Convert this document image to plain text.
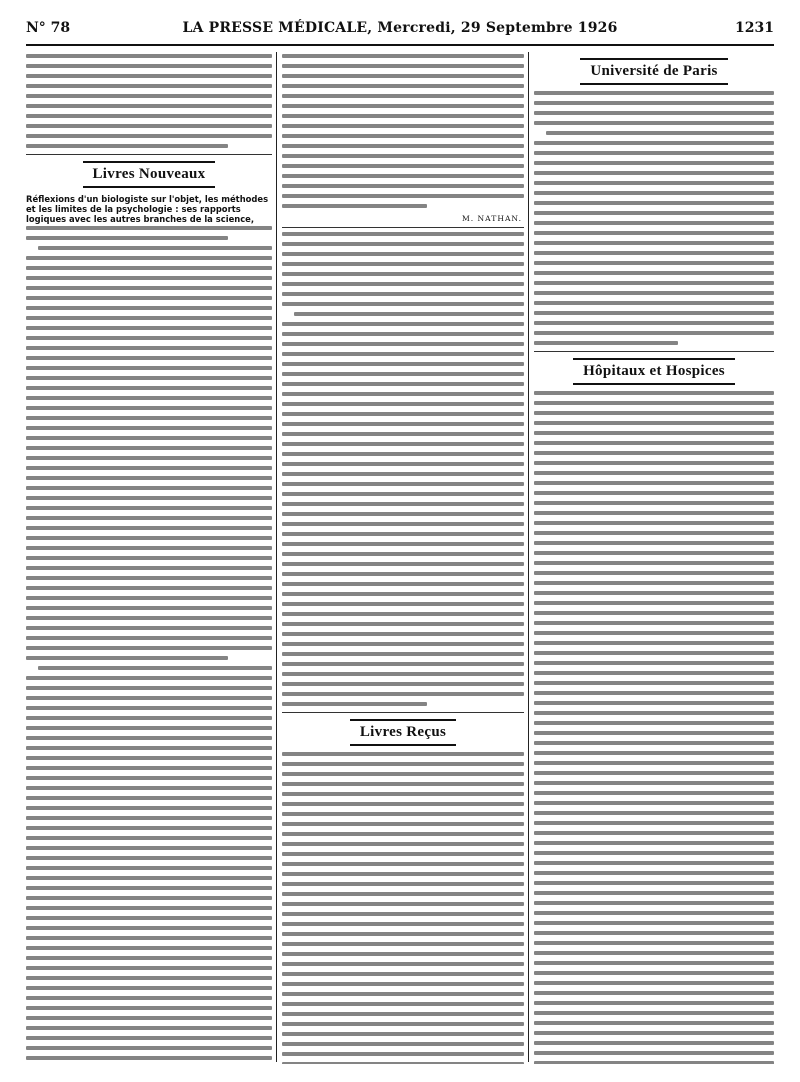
N° 78	LA PRESSE MÉDICALE, Mercredi, 29 Septembre 1926	1231
Livres Nouveaux
Réflexions d'un biologiste sur l'objet, les méthodes et les limites de la psychologie : ses rapports logiques avec les autres branches de la science,	M. NATHAN.
Livres Reçus
Université de Paris
Hôpitaux et Hospices
